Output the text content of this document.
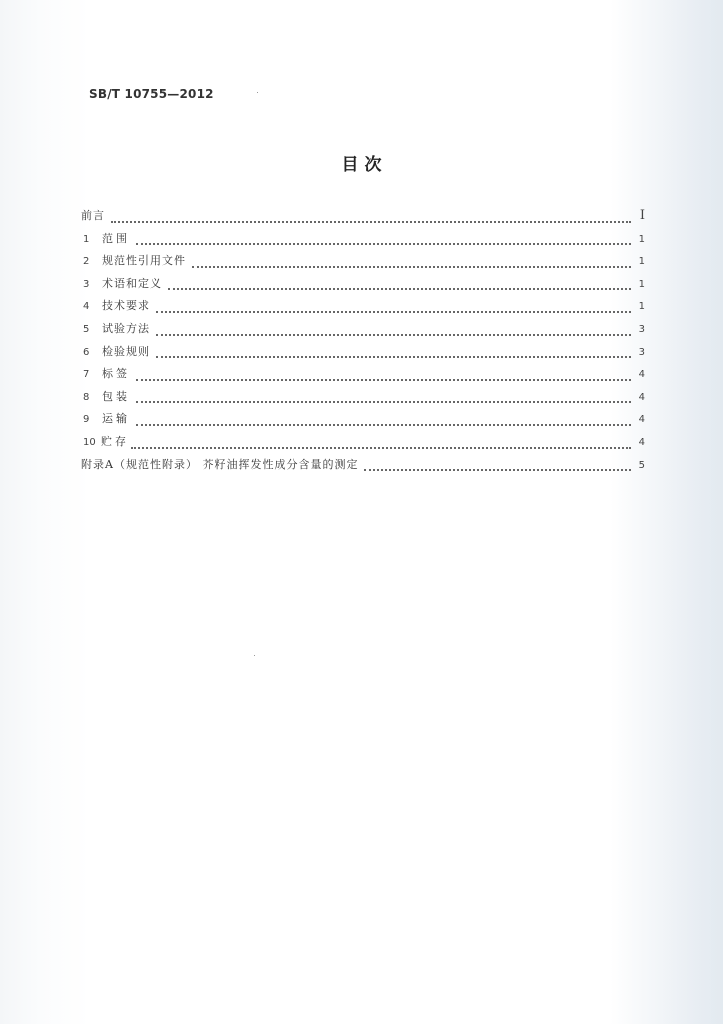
SB/T 10755—2012
目 次
前言	Ⅰ
1	范围	1
2	规范性引用文件	1
3	术语和定义	1
4	技术要求	1
5	试验方法	3
6	检验规则	3
7	标签	4
8	包装	4
9	运输	4
10 贮存	4
附录A（规范性附录） 芥籽油挥发性成分含量的测定	5
